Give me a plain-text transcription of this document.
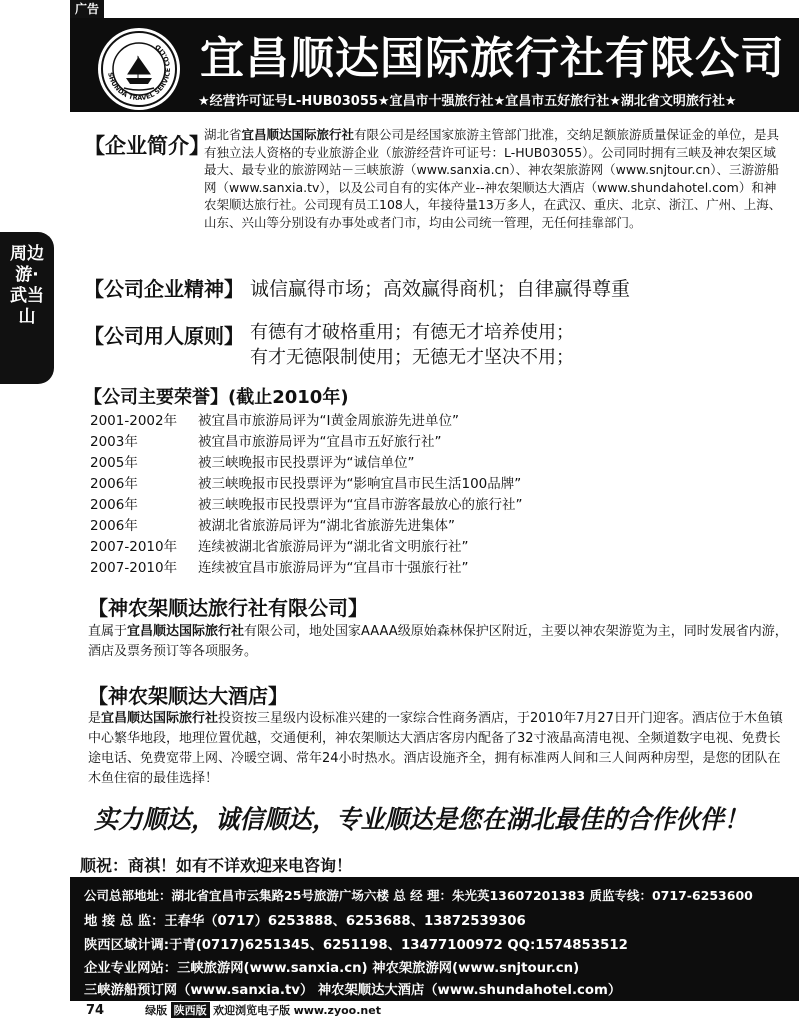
广告
SHUNDA TRAVEL SERVICE CO.LTD 宜昌顺达国际旅行社有限公司
★经营许可证号L-HUB03055★宜昌市十强旅行社★宜昌市五好旅行社★湖北省文明旅行社★
周边游·武当山
【企业简介】
湖北省宜昌顺达国际旅行社有限公司是经国家旅游主管部门批准，交纳足额旅游质量保证金的单位，是具有独立法人资格的专业旅游企业（旅游经营许可证号：L-HUB03055）。公司同时拥有三峡及神农架区域最大、最专业的旅游网站－三峡旅游（www.sanxia.cn）、神农架旅游网（www.snjtour.cn）、三游游船网（www.sanxia.tv），以及公司自有的实体产业--神农架顺达大酒店（www.shundahotel.com）和神农架顺达旅行社。公司现有员工108人，年接待量13万多人，在武汉、重庆、北京、浙江、广州、上海、山东、兴山等分别设有办事处或者门市，均由公司统一管理，无任何挂靠部门。
【公司企业精神】 诚信赢得市场；高效赢得商机；自律赢得尊重
【公司用人原则】 有德有才破格重用；有德无才培养使用；
有才无德限制使用；无德无才坚决不用；
【公司主要荣誉】(截止2010年)
2001-2002年 被宜昌市旅游局评为“I黄金周旅游先进单位”
2003年	被宜昌市旅游局评为“宜昌市五好旅行社”
2005年	被三峡晚报市民投票评为“诚信单位”
2006年	被三峡晚报市民投票评为“影响宜昌市民生活100品牌”
2006年	被三峡晚报市民投票评为“宜昌市游客最放心的旅行社”
2006年	被湖北省旅游局评为“湖北省旅游先进集体”
2007-2010年 连续被湖北省旅游局评为“湖北省文明旅行社”
2007-2010年 连续被宜昌市旅游局评为“宜昌市十强旅行社”
【神农架顺达旅行社有限公司】
直属于宜昌顺达国际旅行社有限公司，地处国家AAAA级原始森林保护区附近，主要以神农架游览为主，同时发展省内游，酒店及票务预订等各项服务。
【神农架顺达大酒店】
是宜昌顺达国际旅行社投资按三星级内设标准兴建的一家综合性商务酒店，于2010年7月27日开门迎客。酒店位于木鱼镇中心繁华地段，地理位置优越，交通便利，神农架顺达大酒店客房内配备了32寸液晶高清电视、全频道数字电视、免费长途电话、免费宽带上网、冷暖空调、常年24小时热水。酒店设施齐全，拥有标准两人间和三人间两种房型，是您的团队在木鱼住宿的最佳选择！
实力顺达，诚信顺达，专业顺达是您在湖北最佳的合作伙伴！
顺祝：商祺！如有不详欢迎来电咨询！
公司总部地址：湖北省宜昌市云集路25号旅游广场六楼 总 经 理：朱光英13607201383 质监专线：0717-6253600
地 接 总 监：王春华（0717）6253888、6253688、13872539306
陕西区域计调:于青(0717)6251345、6251198、13477100972 QQ:1574853512
企业专业网站：三峡旅游网(www.sanxia.cn) 神农架旅游网(www.snjtour.cn)
三峡游船预订网（www.sanxia.tv） 神农架顺达大酒店（www.shundahotel.com）
74	绿版 陕西版 欢迎浏览电子版 www.zyoo.net
